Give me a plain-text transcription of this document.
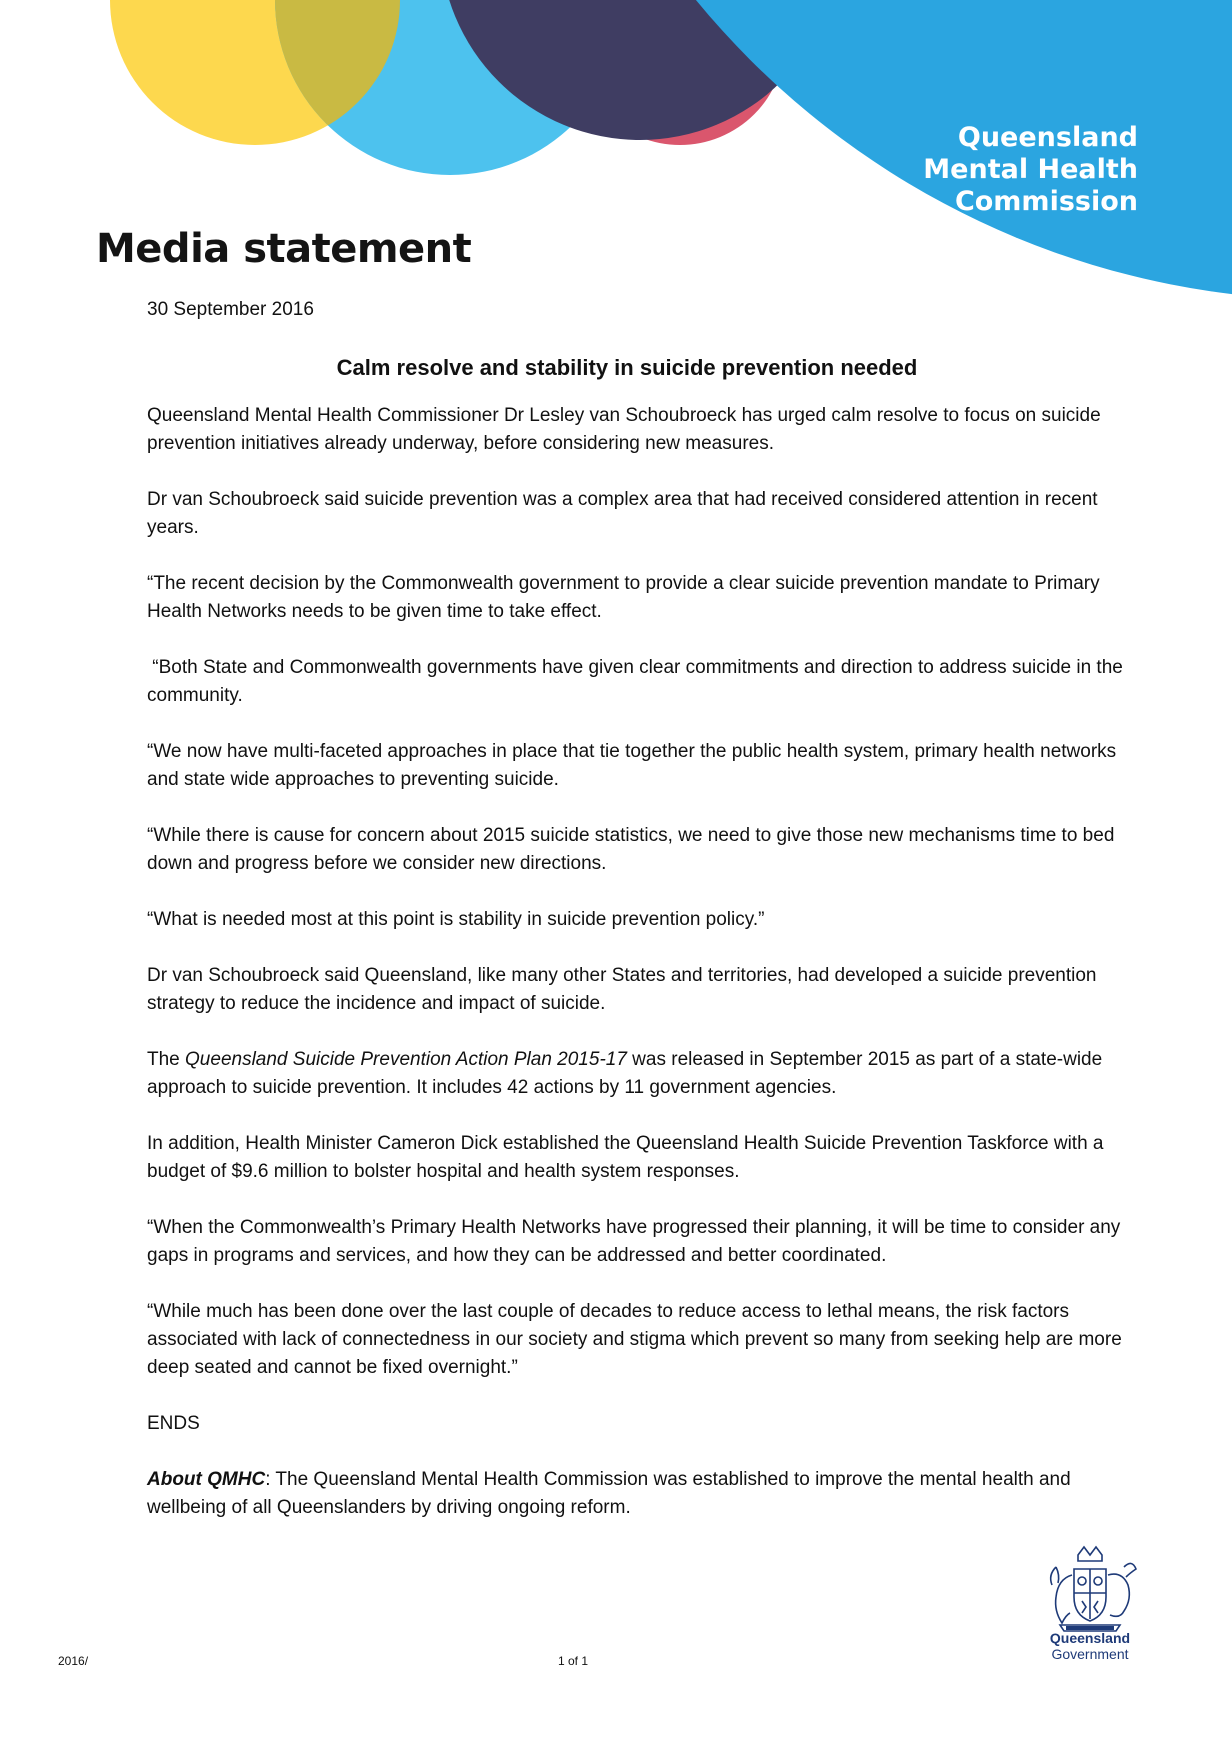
Queensland
Mental Health
Commission
Media statement

30 September 2016

Calm resolve and stability in suicide prevention needed

Queensland Mental Health Commissioner Dr Lesley van Schoubroeck has urged calm resolve to focus on suicide prevention initiatives already underway, before considering new measures.

Dr van Schoubroeck said suicide prevention was a complex area that had received considered attention in recent years.

“The recent decision by the Commonwealth government to provide a clear suicide prevention mandate to Primary Health Networks needs to be given time to take effect.

“Both State and Commonwealth governments have given clear commitments and direction to address suicide in the community.

“We now have multi-faceted approaches in place that tie together the public health system, primary health networks and state wide approaches to preventing suicide.

“While there is cause for concern about 2015 suicide statistics, we need to give those new mechanisms time to bed down and progress before we consider new directions.

“What is needed most at this point is stability in suicide prevention policy.”

Dr van Schoubroeck said Queensland, like many other States and territories, had developed a suicide prevention strategy to reduce the incidence and impact of suicide.

The Queensland Suicide Prevention Action Plan 2015-17 was released in September 2015 as part of a state-wide approach to suicide prevention. It includes 42 actions by 11 government agencies.

In addition, Health Minister Cameron Dick established the Queensland Health Suicide Prevention Taskforce with a budget of $9.6 million to bolster hospital and health system responses.

“When the Commonwealth’s Primary Health Networks have progressed their planning, it will be time to consider any gaps in programs and services, and how they can be addressed and better coordinated.

“While much has been done over the last couple of decades to reduce access to lethal means, the risk factors associated with lack of connectedness in our society and stigma which prevent so many from seeking help are more deep seated and cannot be fixed overnight.”

ENDS

About QMHC: The Queensland Mental Health Commission was established to improve the mental health and wellbeing of all Queenslanders by driving ongoing reform.

Queensland
Government
2016/	1 of 1
